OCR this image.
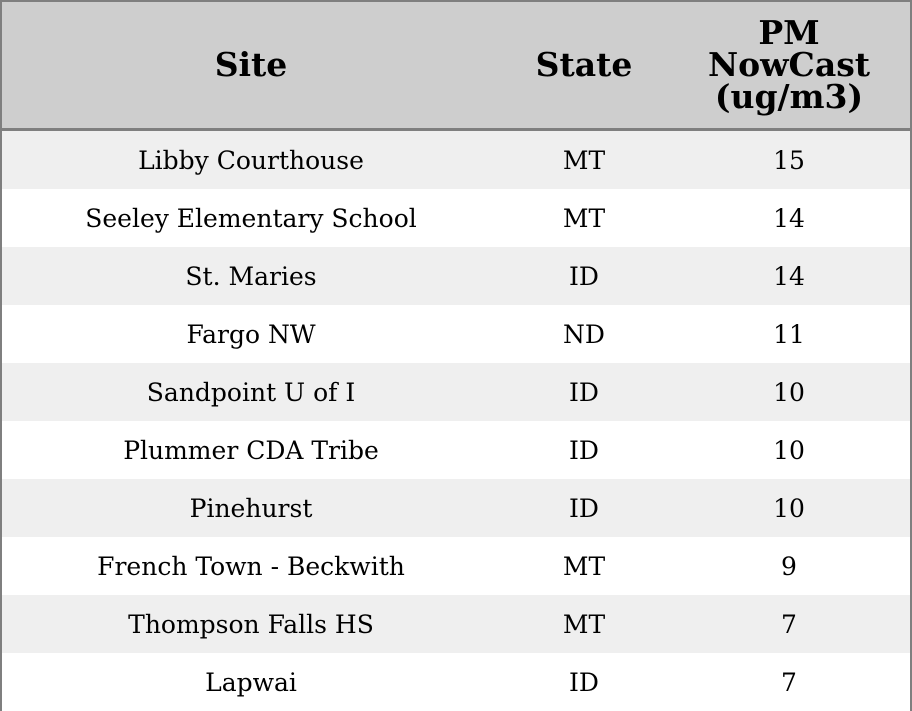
Site	State	PM
NowCast
(ug/m3)
Libby Courthouse	MT	15
Seeley Elementary School	MT	14
St. Maries	ID	14
Fargo NW	ND	11
Sandpoint U of I	ID	10
Plummer CDA Tribe	ID	10
Pinehurst	ID	10
French Town - Beckwith	MT	9
Thompson Falls HS	MT	7
Lapwai	ID	7
